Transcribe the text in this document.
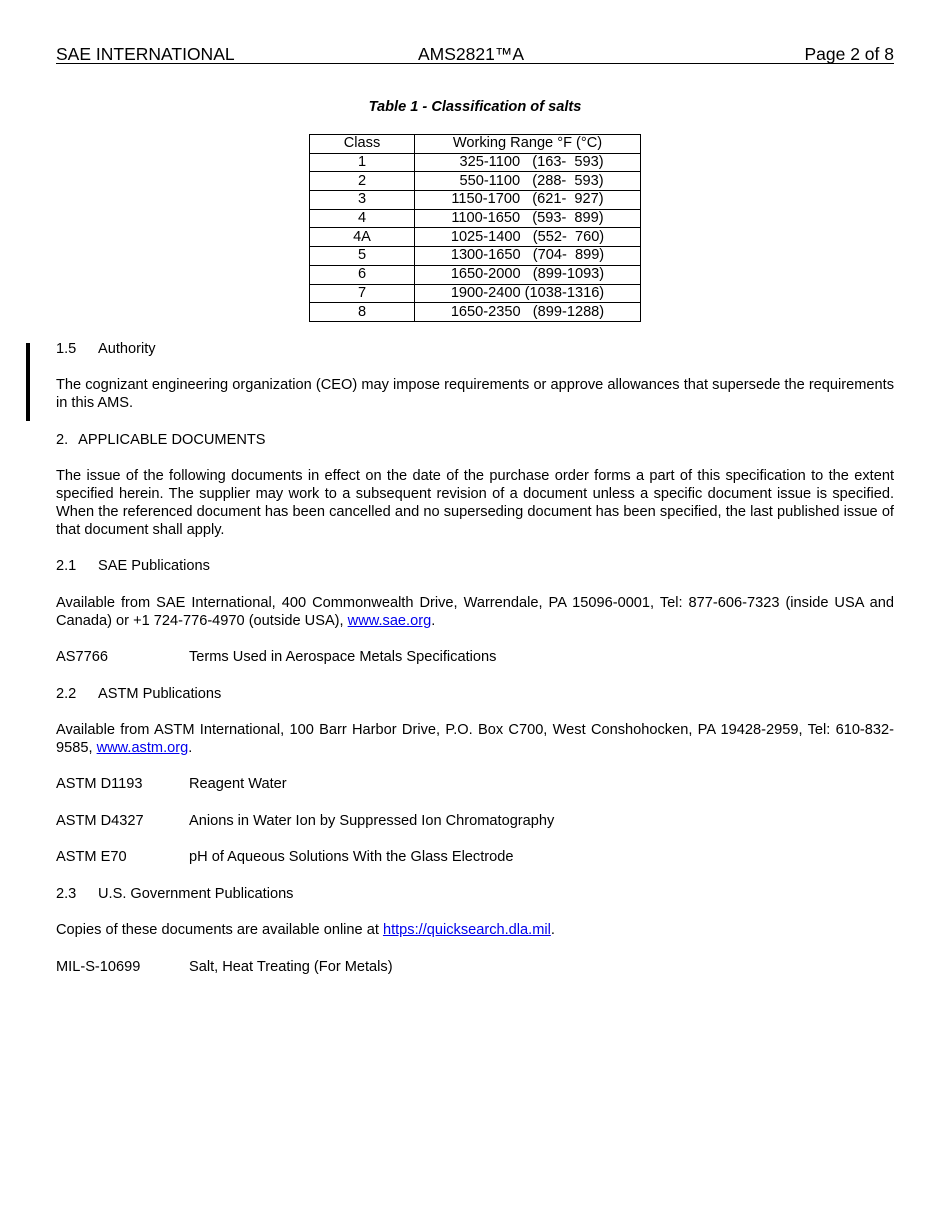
SAE INTERNATIONAL	AMS2821™A	Page 2 of 8
Table 1 - Classification of salts
Class	Working Range °F (°C)
1	325-1100   (163-  593)
2	550-1100   (288-  593)
3	1150-1700   (621-  927)
4	1100-1650   (593-  899)
4A	1025-1400   (552-  760)
5	1300-1650   (704-  899)
6	1650-2000   (899-1093)
7	1900-2400 (1038-1316)
8	1650-2350   (899-1288)
1.5	Authority

The cognizant engineering organization (CEO) may impose requirements or approve allowances that supersede the requirements in this AMS.

2. APPLICABLE DOCUMENTS

The issue of the following documents in effect on the date of the purchase order forms a part of this specification to the extent specified herein. The supplier may work to a subsequent revision of a document unless a specific document issue is specified. When the referenced document has been cancelled and no superseding document has been specified, the last published issue of that document shall apply.

2.1	SAE Publications

Available from SAE International, 400 Commonwealth Drive, Warrendale, PA 15096-0001, Tel: 877-606-7323 (inside USA and Canada) or +1 724-776-4970 (outside USA), www.sae.org.

AS7766	Terms Used in Aerospace Metals Specifications
2.2	ASTM Publications

Available from ASTM International, 100 Barr Harbor Drive, P.O. Box C700, West Conshohocken, PA 19428-2959, Tel: 610-832-9585, www.astm.org.

ASTM D1193	Reagent Water
ASTM D4327	Anions in Water Ion by Suppressed Ion Chromatography
ASTM E70	pH of Aqueous Solutions With the Glass Electrode
2.3	U.S. Government Publications

Copies of these documents are available online at https://quicksearch.dla.mil.

MIL-S-10699	Salt, Heat Treating (For Metals)
